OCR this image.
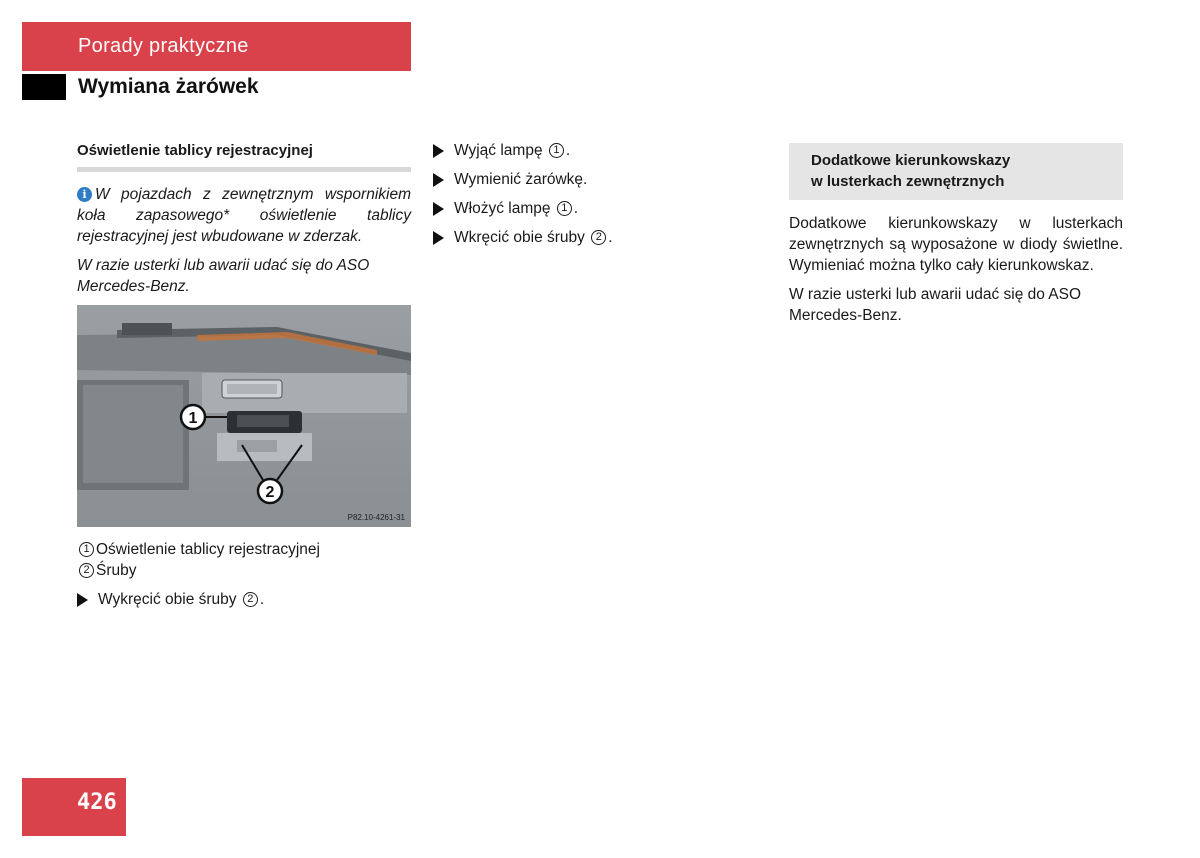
Porady praktyczne
Wymiana żarówek
Oświetlenie tablicy rejestracyjnej

i W pojazdach z zewnętrznym wspornikiem koła zapasowego* oświetlenie tablicy rejestracyjnej jest wbudowane w zderzak.

W razie usterki lub awarii udać się do ASO Mercedes-Benz.

1
2
P82.10-4261-31
1 Oświetlenie tablicy rejestracyjnej
2 Śruby
Wykręcić obie śruby
2 .
Wyjąć lampę
1 .
Wymienić żarówkę.
Włożyć lampę
1 .
Wkręcić obie śruby
2 .
Dodatkowe kierunkowskazy
w lusterkach zewnętrznych

Dodatkowe kierunkowskazy w lusterkach zewnętrznych są wyposażone w diody świetlne. Wymieniać można tylko cały kierunkowskaz.

W razie usterki lub awarii udać się do ASO Mercedes-Benz.

426
